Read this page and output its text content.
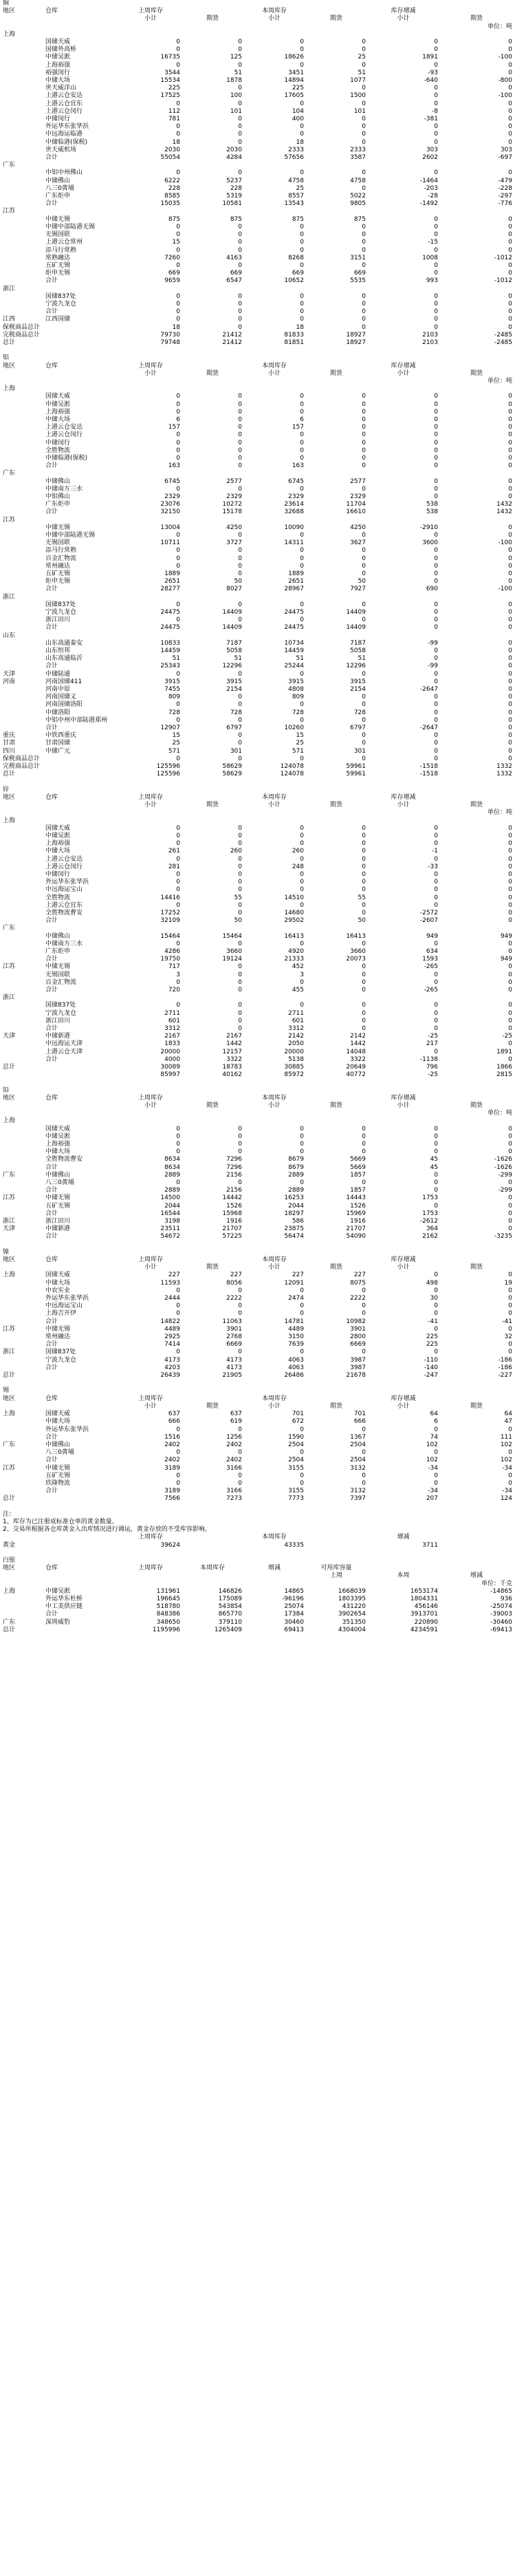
铜							
地区	仓库	上周库存		本周库存		库存增减	
		小计	期货	小计	期货	小计	期货
							单位：吨
上海							
	国储天威	0	0	0	0	0	0
	国储外高桥	0	0	0	0	0	0
	中储吴淞	16735	125	18626	25	1891	-100
	上海裕强	0	0	0	0	0	0
	裕强闵行	3544	51	3451	51	-93	0
	中储大场	15534	1878	14894	1077	-640	-800
	世天威洋山	225	0	225	0	0	0
	上港云仓安达	17525	100	17605	1500	0	-100
	上港云仓宜东	0	0	0	0	0	0
	上港云仓闵行	112	101	104	101	-8	0
	中储闵行	781	0	400	0	-381	0
	外运华东张华浜	0	0	0	0	0	0
	中远海运临港	0	0	0	0	0	0
	中储临港(保税)	18	0	18	0	0	0
	世天威机场	2030	2030	2333	2333	303	303
	合计	55054	4284	57656	3587	2602	-697
广东							
	中铝中州佛山	0	0	0	0	0	0
	中储佛山	6222	5237	4758	4758	-1464	-479
	八三0黄埔	228	228	25	0	-203	-228
	广东炬申	8585	5319	8557	5022	-28	-297
	合计	15035	10581	13543	9805	-1492	-776
江苏							
	中储无锡	875	875	875	875	0	0
	中储中部陆港无锡	0	0	0	0	0	0
	无锡国联	0	0	0	0	0	0
	上港云仓常州	15	0	0	0	-15	0
	添马行常熟	0	0	0	0	0	0
	常熟融达	7260	4163	8268	3151	1008	-1012
	五矿无锡	0	0	0	0	0	0
	炬申无锡	669	669	669	669	0	0
	合计	9659	6547	10652	5535	993	-1012
浙江							
	国储837处	0	0	0	0	0	0
	宁波九龙仓	0	0	0	0	0	0
	合计	0	0	0	0	0	0
江西	江西国储	0	0	0	0	0	0
保税商品总计		18	0	18	0	0	0
完税商品总计		79730	21412	81833	18927	2103	-2485
总计		79748	21412	81851	18927	2103	-2485

铝							
地区	仓库	上周库存		本周库存		库存增减	
		小计	期货	小计	期货	小计	期货
							单位：吨
上海							
	国储天威	0	0	0	0	0	0
	中储吴淞	0	0	0	0	0	0
	上海裕强	0	0	0	0	0	0
	中储大场	6	0	6	0	0	0
	上港云仓安达	157	0	157	0	0	0
	上港云仓闵行	0	0	0	0	0	0
	中储闵行	0	0	0	0	0	0
	全胜物流	0	0	0	0	0	0
	中储临港(保税)	0	0	0	0	0	0
	合计	163	0	163	0	0	0
广东							
	中储佛山	6745	2577	6745	2577	0	0
	中储南方三水	0	0	0	0	0	0
	中铝佛山	2329	2329	2329	2329	0	0
	广东炬申	23076	10272	23614	11704	538	1432
	合计	32150	15178	32688	16610	538	1432
江苏							
	中储无锡	13004	4250	10090	4250	-2910	0
	中储中部陆港无锡	0	0	0	0	0	0
	无锡国联	10711	3727	14311	3627	3600	-100
	添马行常熟	0	0	0	0	0	0
	百金汇物流	0	0	0	0	0	0
	常州融达	0	0	0	0	0	0
	五矿无锡	1889	0	1889	0	0	0
	炬申无锡	2651	50	2651	50	0	0
	合计	28277	8027	28967	7927	690	-100
浙江							
	国储837处	0	0	0	0	0	0
	宁波九龙仓	24475	14409	24475	14409	0	0
	浙江田川	0	0	0	0	0	0
	合计	24475	14409	24475	14409	0	0
山东							
	山东高通泰安	10833	7187	10734	7187	-99	0
	山东恒邦	14459	5058	14459	5058	0	0
	山东高通临沂	51	51	51	51	0	0
	合计	25343	12296	25244	12296	-99	0
天津	中储陆通	0	0	0	0	0	0
河南	河南国储411	3915	3915	3915	3915	0	0
	河南中原	7455	2154	4808	2154	-2647	0
	河南国储义	809	0	809	0	0	0
	河南国储洛阳	0	0	0	0	0	0
	中储洛阳	728	728	728	728	0	0
	中铝中州中部陆港郑州	0	0	0	0	0	0
	合计	12907	6797	10260	6797	-2647	0
重庆	中铁西重庆	15	0	15	0	0	0
甘肃	甘肃国储	25	0	25	0	0	0
四川	中储广元	571	301	571	301	0	0
保税商品总计		0	0	0	0	0	0
完税商品总计		125596	58629	124078	59961	-1518	1332
总计		125596	58629	124078	59961	-1518	1332

锌							
地区	仓库	上周库存		本周库存		库存增减	
		小计	期货	小计	期货	小计	期货
							单位：吨
上海							
	国储天威	0	0	0	0	0	0
	中储吴淞	0	0	0	0	0	0
	上海裕强	0	0	0	0	0	0
	中储大场	261	260	260	0	-1	0
	上港云仓安达	0	0	0	0	0	0
	上港云仓闵行	281	0	248	0	-33	0
	中储闵行	0	0	0	0	0	0
	外运华东张华浜	0	0	0	0	0	0
	中远海运宝山	0	0	0	0	0	0
	全胜物流	14416	55	14510	55	0	0
	上港云仓宜东	0	0	0	0	0	0
	全胜物流曹安	17252	0	14680	0	-2572	0
	合计	32109	50	29502	50	-2607	0
广东							
	中储佛山	15464	15464	16413	16413	949	949
	中储南方三水	0	0	0	0	0	0
	广东炬申	4286	3660	4920	3660	634	0
	合计	19750	19124	21333	20073	1593	949
江苏	中储无锡	717	0	452	0	-265	0
	无锡国联	3	0	3	0	0	0
	百金汇物流	0	0	0	0	0	0
	合计	720	0	455	0	-265	0
浙江							
	国储837处	0	0	0	0	0	0
	宁波九龙仓	2711	0	2711	0	0	0
	浙江田川	601	0	601	0	0	0
	合计	3312	0	3312	0	0	0
天津	中储新港	2167	2167	2142	2142	-25	-25
	中远海运天津	1833	1442	2050	1442	217	0
	上港云仓天津	20000	12157	20000	14048	0	1891
	合计	4000	3322	5138	3322	-1138	0
总计		30089	18783	30885	20649	796	1866
		85997	40162	85972	40772	-25	2815

铅							
地区	仓库	上周库存		本周库存		库存增减	
		小计	期货	小计	期货	小计	期货
							单位：吨
上海							
	国储天威	0	0	0	0	0	0
	中储吴淞	0	0	0	0	0	0
	上海裕强	0	0	0	0	0	0
	中储大场	0	0	0	0	0	0
	全胜物流曹安	8634	7296	8679	5669	45	-1626
	合计	8634	7296	8679	5669	45	-1626
广东	中储佛山	2889	2156	2889	1857	0	-299
	八三0黄埔	0	0	0	0	0	0
	合计	2889	2156	2889	1857	0	-299
江苏	中储无锡	14500	14442	16253	14443	1753	0
	五矿无锡	2044	1526	2044	1526	0	0
	合计	16544	15968	18297	15969	1753	0
浙江	浙江田川	3198	1916	586	1916	-2612	0
天津	中储新港	23511	21707	23875	21707	364	0
	合计	54672	57225	56474	54090	2162	-3235

镍							
地区	仓库	上周库存		本周库存		库存增减	
		小计	期货	小计	期货	小计	期货
上海	国储天威	227	227	227	227	0	0
	中储大场	11593	8056	12091	8075	498	19
	中农实业	0	0	0	0	0	0
	外运华东张华浜	2444	2222	2474	2222	30	0
	中远海运宝山	0	0	0	0	0	0
	上海吉开伊	0	0	0	0	0	0
	合计	14822	11063	14781	10982	-41	-41
江苏	中储无锡	4489	3901	4489	3901	0	0
	常州融达	2925	2768	3150	2800	225	32
	合计	7414	6669	7639	6669	225	0
浙江	国储837处	0	0	0	0	0	0
	宁波九龙仓	4173	4173	4063	3987	-110	-186
	合计	4203	4173	4063	3987	-140	-186
总计		26439	21905	26486	21678	-247	-227

锡							
地区	仓库	上周库存		本周库存		库存增减	
		小计	期货	小计	期货	小计	期货
上海	国储天威	637	637	701	701	64	64
	中储大场	666	619	672	666	6	47
	外运华东张华浜	0	0	0	0	0	0
	合计	1516	1256	1590	1367	74	111
广东	中储佛山	2402	2402	2504	2504	102	102
	八三0黄埔	0	0	0	0	0	0
	合计	2402	2402	2504	2504	102	102
江苏	中储无锡	3189	3166	3155	3132	-34	-34
	五矿无锡	0	0	0	0	0	0
	玖隆物流	0	0	0	0	0	0
	合计	3189	3166	3155	3132	-34	-34
总计		7566	7273	7773	7397	207	124

注：							
1、库存为已注册成标准仓单的黄金数量。							
2、交易所根据各仓库黄金入出库情况进行调运，黄金存放的不受库容影响。							
		上周库存		本周库存		增减	
黄金		39624		43335		3711	

白银							
地区	仓库	上周库存	本周库存	增减	可用库容量		
					上周	本周	增减
							单位：千克
上海	中储吴淞	131961	146826	14865	1668039	1653174	-14865
	外运华东杜桥	196645	175089	-96196	1803395	1804331	936
	中工美供应链	518780	543854	25074	431220	456146	-25074
	合计	848386	865770	17384	3902654	3913701	-39003
广东	深圳威豹	348650	379110	30460	351350	220890	-30460
总计		1195996	1265409	69413	4304004	4234591	-69413
